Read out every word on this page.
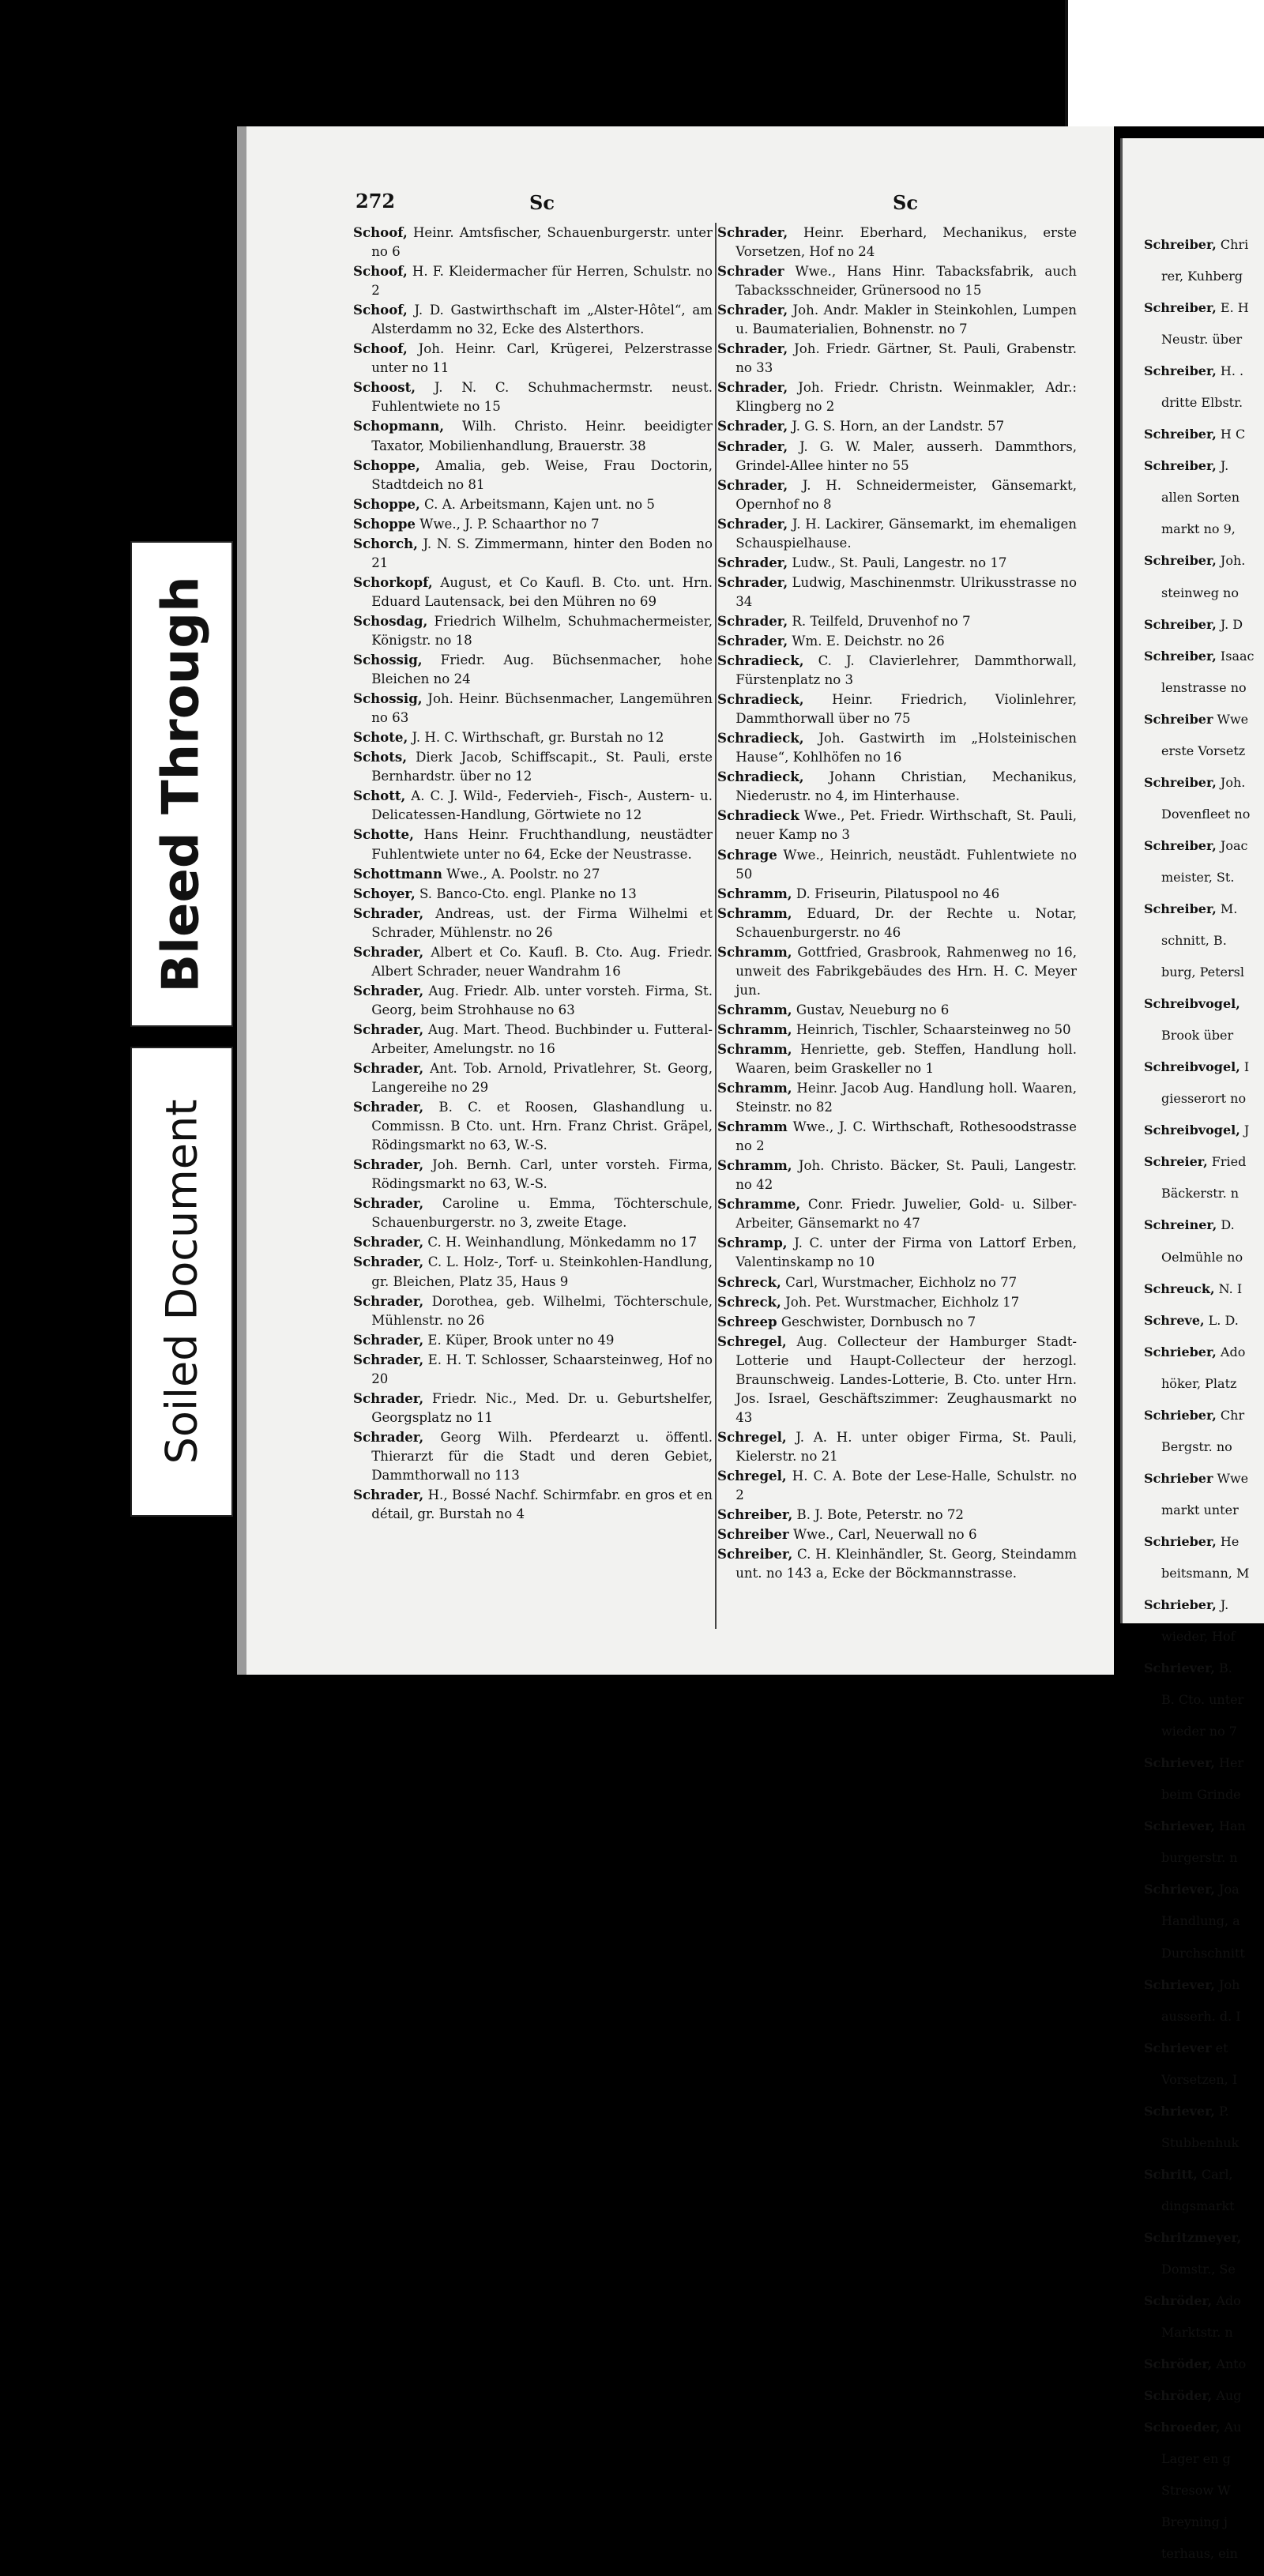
Bleed Through
Soiled Document
272	Sc	Sc

Schoof, Heinr. Amtsfischer, Schauenburgerstr. unter no 6

Schoof, H. F. Kleidermacher für Herren, Schulstr. no 2

Schoof, J. D. Gastwirthschaft im „Alster-Hôtel“, am Alsterdamm no 32, Ecke des Alsterthors.

Schoof, Joh. Heinr. Carl, Krügerei, Pelzerstrasse unter no 11

Schoost, J. N. C. Schuhmachermstr. neust. Fuhlentwiete no 15

Schopmann, Wilh. Christo. Heinr. beeidigter Taxator, Mobilienhandlung, Brauerstr. 38

Schoppe, Amalia, geb. Weise, Frau Doctorin, Stadtdeich no 81

Schoppe, C. A. Arbeitsmann, Kajen unt. no 5

Schoppe Wwe., J. P. Schaarthor no 7

Schorch, J. N. S. Zimmermann, hinter den Boden no 21

Schorkopf, August, et Co Kaufl. B. Cto. unt. Hrn. Eduard Lautensack, bei den Mühren no 69

Schosdag, Friedrich Wilhelm, Schuhmachermeister, Königstr. no 18

Schossig, Friedr. Aug. Büchsenmacher, hohe Bleichen no 24

Schossig, Joh. Heinr. Büchsenmacher, Langemühren no 63

Schote, J. H. C. Wirthschaft, gr. Burstah no 12

Schots, Dierk Jacob, Schiffscapit., St. Pauli, erste Bernhardstr. über no 12

Schott, A. C. J. Wild-, Federvieh-, Fisch-, Austern- u. Delicatessen-Handlung, Görtwiete no 12

Schotte, Hans Heinr. Fruchthandlung, neustädter Fuhlentwiete unter no 64, Ecke der Neustrasse.

Schottmann Wwe., A. Poolstr. no 27

Schoyer, S. Banco-Cto. engl. Planke no 13

Schrader, Andreas, ust. der Firma Wilhelmi et Schrader, Mühlenstr. no 26

Schrader, Albert et Co. Kaufl. B. Cto. Aug. Friedr. Albert Schrader, neuer Wandrahm 16

Schrader, Aug. Friedr. Alb. unter vorsteh. Firma, St. Georg, beim Strohhause no 63

Schrader, Aug. Mart. Theod. Buchbinder u. Futteral-Arbeiter, Amelungstr. no 16

Schrader, Ant. Tob. Arnold, Privatlehrer, St. Georg, Langereihe no 29

Schrader, B. C. et Roosen, Glashandlung u. Commissn. B Cto. unt. Hrn. Franz Christ. Gräpel, Rödingsmarkt no 63, W.-S.

Schrader, Joh. Bernh. Carl, unter vorsteh. Firma, Rödingsmarkt no 63, W.-S.

Schrader, Caroline u. Emma, Töchterschule, Schauenburgerstr. no 3, zweite Etage.

Schrader, C. H. Weinhandlung, Mönkedamm no 17

Schrader, C. L. Holz-, Torf- u. Steinkohlen-Handlung, gr. Bleichen, Platz 35, Haus 9

Schrader, Dorothea, geb. Wilhelmi, Töchterschule, Mühlenstr. no 26

Schrader, E. Küper, Brook unter no 49

Schrader, E. H. T. Schlosser, Schaarsteinweg, Hof no 20

Schrader, Friedr. Nic., Med. Dr. u. Geburtshelfer, Georgsplatz no 11

Schrader, Georg Wilh. Pferdearzt u. öffentl. Thierarzt für die Stadt und deren Gebiet, Dammthorwall no 113

Schrader, H., Bossé Nachf. Schirmfabr. en gros et en détail, gr. Burstah no 4

Schrader, Heinr. Eberhard, Mechanikus, erste Vorsetzen, Hof no 24

Schrader Wwe., Hans Hinr. Tabacksfabrik, auch Tabacksschneider, Grünersood no 15

Schrader, Joh. Andr. Makler in Steinkohlen, Lumpen u. Baumaterialien, Bohnenstr. no 7

Schrader, Joh. Friedr. Gärtner, St. Pauli, Grabenstr. no 33

Schrader, Joh. Friedr. Christn. Weinmakler, Adr.: Klingberg no 2

Schrader, J. G. S. Horn, an der Landstr. 57

Schrader, J. G. W. Maler, ausserh. Dammthors, Grindel-Allee hinter no 55

Schrader, J. H. Schneidermeister, Gänsemarkt, Opernhof no 8

Schrader, J. H. Lackirer, Gänsemarkt, im ehemaligen Schauspielhause.

Schrader, Ludw., St. Pauli, Langestr. no 17

Schrader, Ludwig, Maschinenmstr. Ulrikusstrasse no 34

Schrader, R. Teilfeld, Druvenhof no 7

Schrader, Wm. E. Deichstr. no 26

Schradieck, C. J. Clavierlehrer, Dammthorwall, Fürstenplatz no 3

Schradieck, Heinr. Friedrich, Violinlehrer, Dammthorwall über no 75

Schradieck, Joh. Gastwirth im „Holsteinischen Hause“, Kohlhöfen no 16

Schradieck, Johann Christian, Mechanikus, Niederustr. no 4, im Hinterhause.

Schradieck Wwe., Pet. Friedr. Wirthschaft, St. Pauli, neuer Kamp no 3

Schrage Wwe., Heinrich, neustädt. Fuhlentwiete no 50

Schramm, D. Friseurin, Pilatuspool no 46

Schramm, Eduard, Dr. der Rechte u. Notar, Schauenburgerstr. no 46

Schramm, Gottfried, Grasbrook, Rahmenweg no 16, unweit des Fabrikgebäudes des Hrn. H. C. Meyer jun.

Schramm, Gustav, Neueburg no 6

Schramm, Heinrich, Tischler, Schaarsteinweg no 50

Schramm, Henriette, geb. Steffen, Handlung holl. Waaren, beim Graskeller no 1

Schramm, Heinr. Jacob Aug. Handlung holl. Waaren, Steinstr. no 82

Schramm Wwe., J. C. Wirthschaft, Rothesoodstrasse no 2

Schramm, Joh. Christo. Bäcker, St. Pauli, Langestr. no 42

Schramme, Conr. Friedr. Juwelier, Gold- u. Silber-Arbeiter, Gänsemarkt no 47

Schramp, J. C. unter der Firma von Lattorf Erben, Valentinskamp no 10

Schreck, Carl, Wurstmacher, Eichholz no 77

Schreck, Joh. Pet. Wurstmacher, Eichholz 17

Schreep Geschwister, Dornbusch no 7

Schregel, Aug. Collecteur der Hamburger Stadt-Lotterie und Haupt-Collecteur der herzogl. Braunschweig. Landes-Lotterie, B. Cto. unter Hrn. Jos. Israel, Geschäftszimmer: Zeughausmarkt no 43

Schregel, J. A. H. unter obiger Firma, St. Pauli, Kielerstr. no 21

Schregel, H. C. A. Bote der Lese-Halle, Schulstr. no 2

Schreiber, B. J. Bote, Peterstr. no 72

Schreiber Wwe., Carl, Neuerwall no 6

Schreiber, C. H. Kleinhändler, St. Georg, Steindamm unt. no 143 a, Ecke der Böckmannstrasse.

Schreiber, Chri

rer, Kuhberg

Schreiber, E. H

Neustr. über

Schreiber, H. .

dritte Elbstr.

Schreiber, H C

Schreiber, J.

allen Sorten

markt no 9,

Schreiber, Joh.

steinweg no

Schreiber, J. D

Schreiber, Isaac

lenstrasse no

Schreiber Wwe

erste Vorsetz

Schreiber, Joh.

Dovenfleet no

Schreiber, Joac

meister, St.

Schreiber, M.

schnitt, B.

burg, Petersl

Schreibvogel,

Brook über

Schreibvogel, I

giesserort no

Schreibvogel, J

Schreier, Fried

Bäckerstr. n

Schreiner, D.

Oelmühle no

Schreuck, N. I

Schreve, L. D.

Schrieber, Ado

höker, Platz

Schrieber, Chr

Bergstr. no

Schrieber Wwe

markt unter

Schrieber, He

beitsmann, M

Schrieber, J.

wieder, Hof

Schriever, B.

B. Cto. unter

wieder no 7

Schriever, Her

beim Grinde

Schriever, Han

burgerstr. n

Schriever, Joa

Handlung, a

Durchschnitt

Schriever, Joh

ausserh. d. I

Schriever et

Vorsetzen, I

Schriever, P.

Stubbenhuk

Schritt, Carl,

dingsmarkt

Schritzmeyer,

Domstr., Se

Schröder, Ado

Marktstr. n

Schröder, Anto

Schröder, Aug

Schroeder, Au

Lager en g

Stresow W

Breyning j

terhaus, ein
